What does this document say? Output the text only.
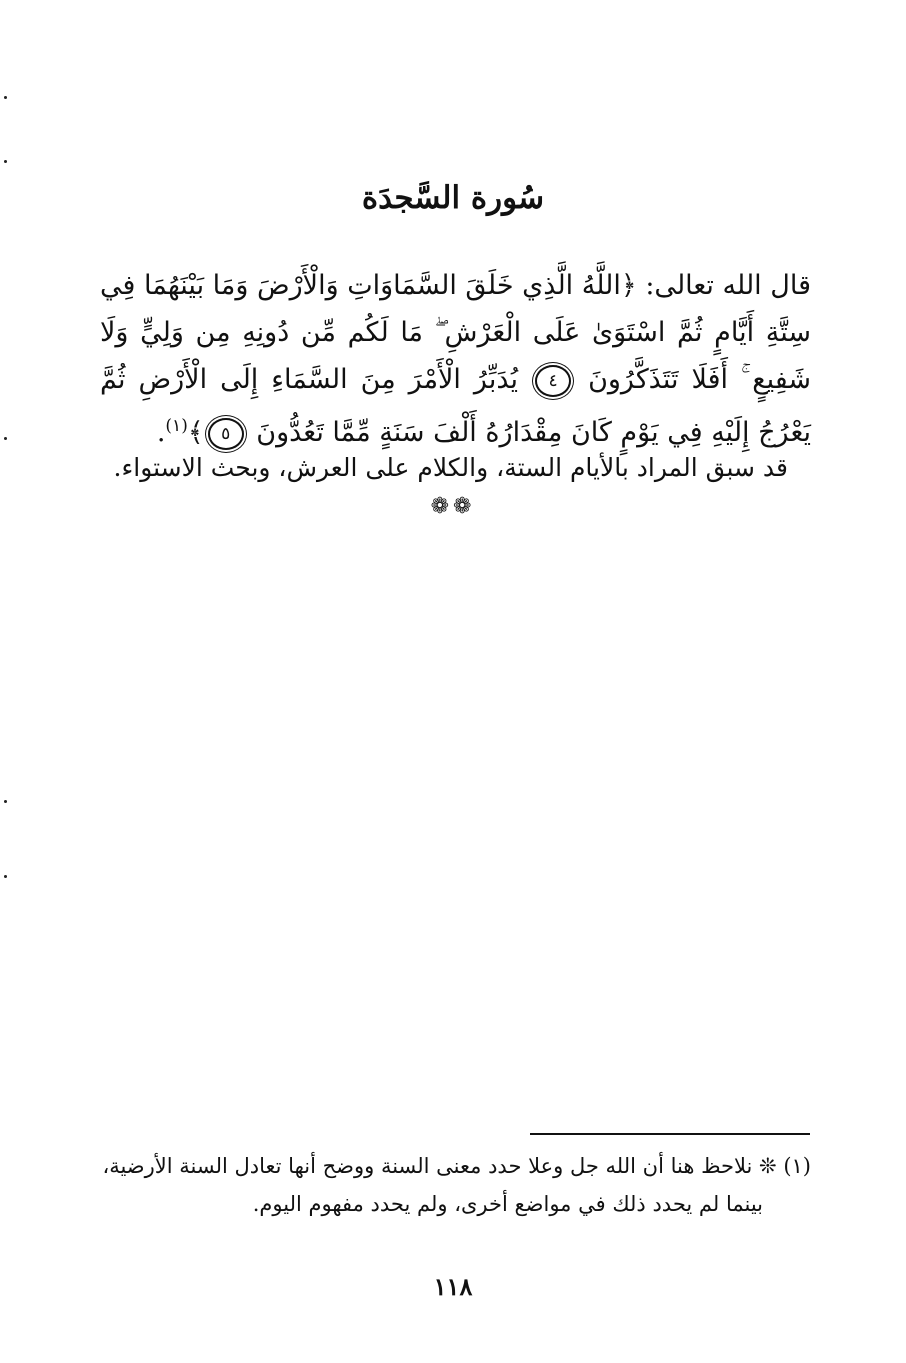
سُورة السَّجدَة
قال الله تعالى: ﴿اللَّهُ الَّذِي خَلَقَ السَّمَاوَاتِ وَالْأَرْضَ وَمَا بَيْنَهُمَا فِي سِتَّةِ أَيَّامٍ ثُمَّ اسْتَوَىٰ عَلَى الْعَرْشِ ۖ مَا لَكُم مِّن دُونِهِ مِن وَلِيٍّ وَلَا شَفِيعٍ ۚ أَفَلَا تَتَذَكَّرُونَ ٤ يُدَبِّرُ الْأَمْرَ مِنَ السَّمَاءِ إِلَى الْأَرْضِ ثُمَّ يَعْرُجُ إِلَيْهِ فِي يَوْمٍ كَانَ مِقْدَارُهُ أَلْفَ سَنَةٍ مِّمَّا تَعُدُّونَ ٥﴾$^{(١)}$.
قد سبق المراد بالأيام الستة، والكلام على العرش، وبحث الاستواء.
❁❁
(١) ❊ نلاحظ هنا أن الله جل وعلا حدد معنى السنة ووضح أنها تعادل السنة الأرضية،
بينما لم يحدد ذلك في مواضع أخرى، ولم يحدد مفهوم اليوم.
١١٨
